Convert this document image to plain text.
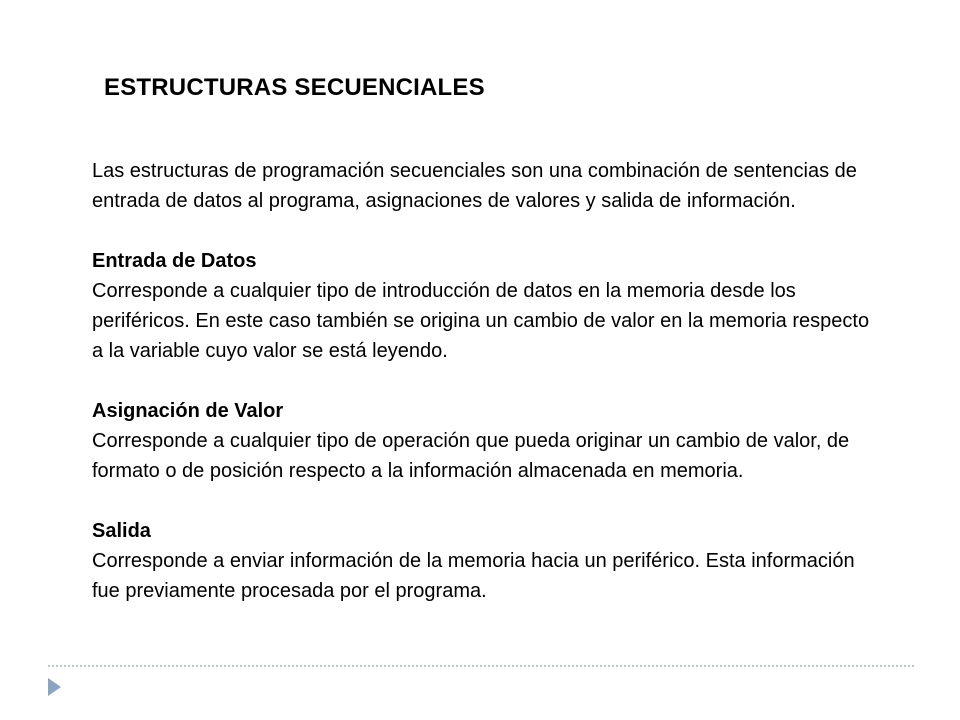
ESTRUCTURAS SECUENCIALES

Las estructuras de programación secuenciales son una combinación de sentencias de entrada de datos al programa, asignaciones de valores y salida de información.

Entrada de Datos

Corresponde a cualquier tipo de introducción de datos en la memoria desde los periféricos. En este caso también se origina un cambio de valor en la memoria respecto a la variable cuyo valor se está leyendo.

Asignación de Valor

Corresponde a cualquier tipo de operación que pueda originar un cambio de valor, de formato o de posición respecto a la información almacenada en memoria.

Salida

Corresponde a enviar información de la memoria hacia un periférico. Esta información fue previamente procesada por el programa.
